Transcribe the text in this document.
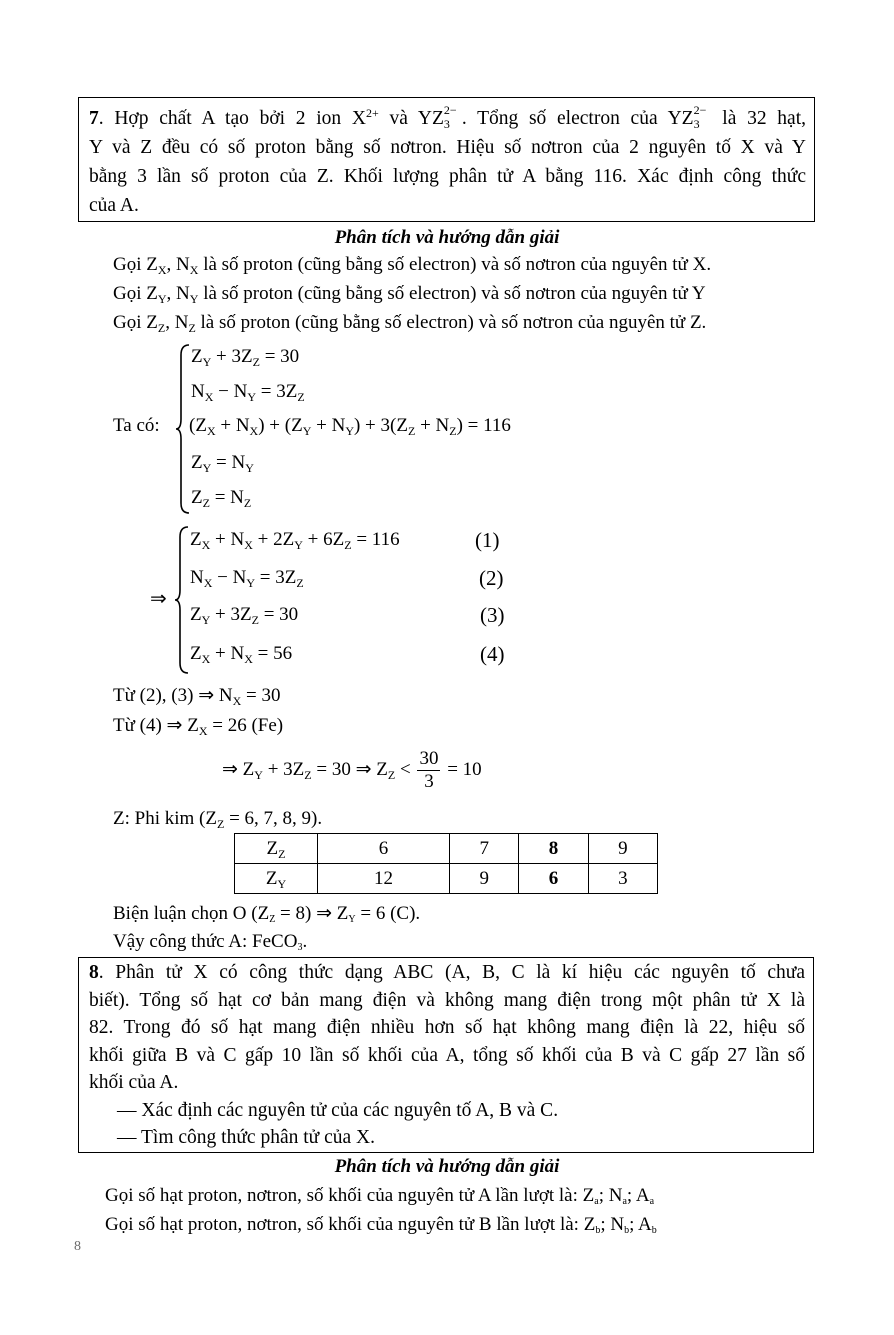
7. Hợp chất A tạo bởi 2 ion $X^{2+}$ và YZ 2−
3 . Tổng số electron của YZ 2−
3 là 32 hạt,
Y và Z đều có số proton bằng số nơtron. Hiệu số nơtron của 2 nguyên tố X và Y
bằng 3 lần số proton của Z. Khối lượng phân tử A bằng 116. Xác định công thức
của A.
Phân tích và hướng dẫn giải
Gọi $Z_X$, $N_X$ là số proton (cũng bằng số electron) và số nơtron của nguyên tử X.
Gọi $Z_Y$, $N_Y$ là số proton (cũng bằng số electron) và số nơtron của nguyên tử Y
Gọi $Z_Z$, $N_Z$ là số proton (cũng bằng số electron) và số nơtron của nguyên tử Z.
Ta có:
$Z_Y + 3Z_Z = 30$
$N_X - N_Y = 3Z_Z$
$(Z_X + N_X) + (Z_Y + N_Y) + 3(Z_Z + N_Z) = 116$
$Z_Y = N_Y$
$Z_Z = N_Z$
⇒
$Z_X + N_X + 2Z_Y + 6Z_Z = 116$	(1)
$N_X - N_Y = 3Z_Z$	(2)
$Z_Y + 3Z_Z = 30$	(3)
$Z_X + N_X = 56$	(4)
Từ (2), (3) ⇒ $N_X = 30$
Từ (4) ⇒ $Z_X = 26$ (Fe)
⇒ $Z_Y + 3Z_Z = 30$ ⇒ $Z_Z < \frac{30}{3} = 10$
Z: Phi kim ($Z_Z = 6$, 7, 8, 9).
$Z_Z$	6	7	8	9
$Z_Y$	12	9	6	3
Biện luận chọn O $(Z_Z = 8)$ ⇒ $Z_Y = 6$ (C).
Vậy công thức A: FeCO$_3$.
8. Phân tử X có công thức dạng ABC (A, B, C là kí hiệu các nguyên tố chưa
biết). Tổng số hạt cơ bản mang điện và không mang điện trong một phân tử X là
82. Trong đó số hạt mang điện nhiều hơn số hạt không mang điện là 22, hiệu số
khối giữa B và C gấp 10 lần số khối của A, tổng số khối của B và C gấp 27 lần số
khối của A.
— Xác định các nguyên tử của các nguyên tố A, B và C.
— Tìm công thức phân tử của X.
Phân tích và hướng dẫn giải
Gọi số hạt proton, nơtron, số khối của nguyên tử A lần lượt là: $Z_a$; $N_a$; $A_a$
Gọi số hạt proton, nơtron, số khối của nguyên tử B lần lượt là: $Z_b$; $N_b$; $A_b$
8
